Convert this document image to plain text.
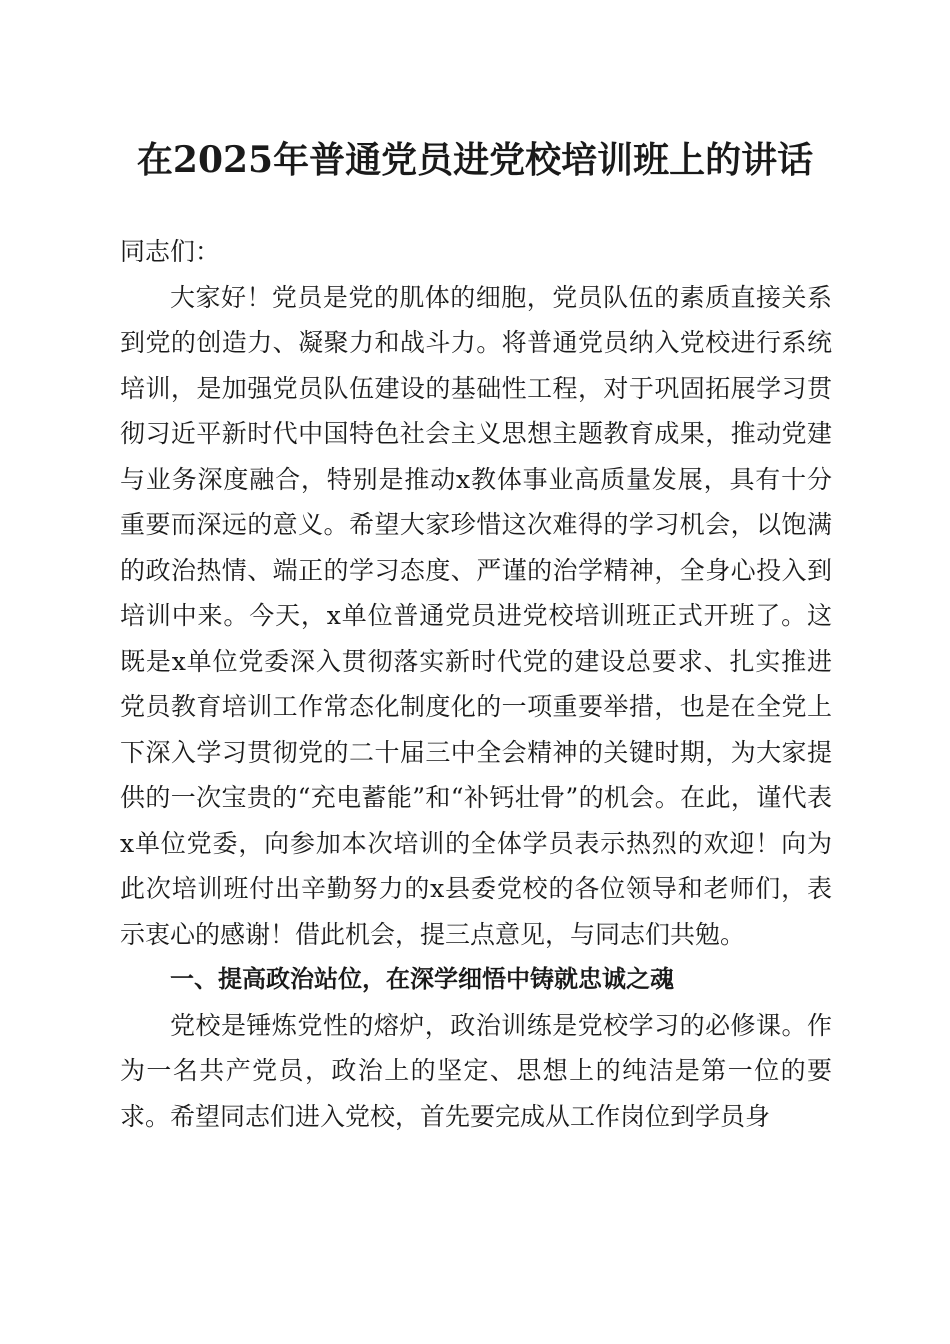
在2025年普通党员进党校培训班上的讲话

同志们：

大家好！党员是党的肌体的细胞，党员队伍的素质直接关系到党的创造力、凝聚力和战斗力。将普通党员纳入党校进行系统培训，是加强党员队伍建设的基础性工程，对于巩固拓展学习贯彻习近平新时代中国特色社会主义思想主题教育成果，推动党建与业务深度融合，特别是推动x教体事业高质量发展，具有十分重要而深远的意义。希望大家珍惜这次难得的学习机会，以饱满的政治热情、端正的学习态度、严谨的治学精神，全身心投入到培训中来。今天，x单位普通党员进党校培训班正式开班了。这既是x单位党委深入贯彻落实新时代党的建设总要求、扎实推进党员教育培训工作常态化制度化的一项重要举措，也是在全党上下深入学习贯彻党的二十届三中全会精神的关键时期，为大家提供的一次宝贵的“充电蓄能”和“补钙壮骨”的机会。在此，谨代表x单位党委，向参加本次培训的全体学员表示热烈的欢迎！向为此次培训班付出辛勤努力的x县委党校的各位领导和老师们，表示衷心的感谢！借此机会，提三点意见，与同志们共勉。

一、提高政治站位，在深学细悟中铸就忠诚之魂

党校是锤炼党性的熔炉，政治训练是党校学习的必修课。作为一名共产党员，政治上的坚定、思想上的纯洁是第一位的要求。希望同志们进入党校，首先要完成从工作岗位到学员身
